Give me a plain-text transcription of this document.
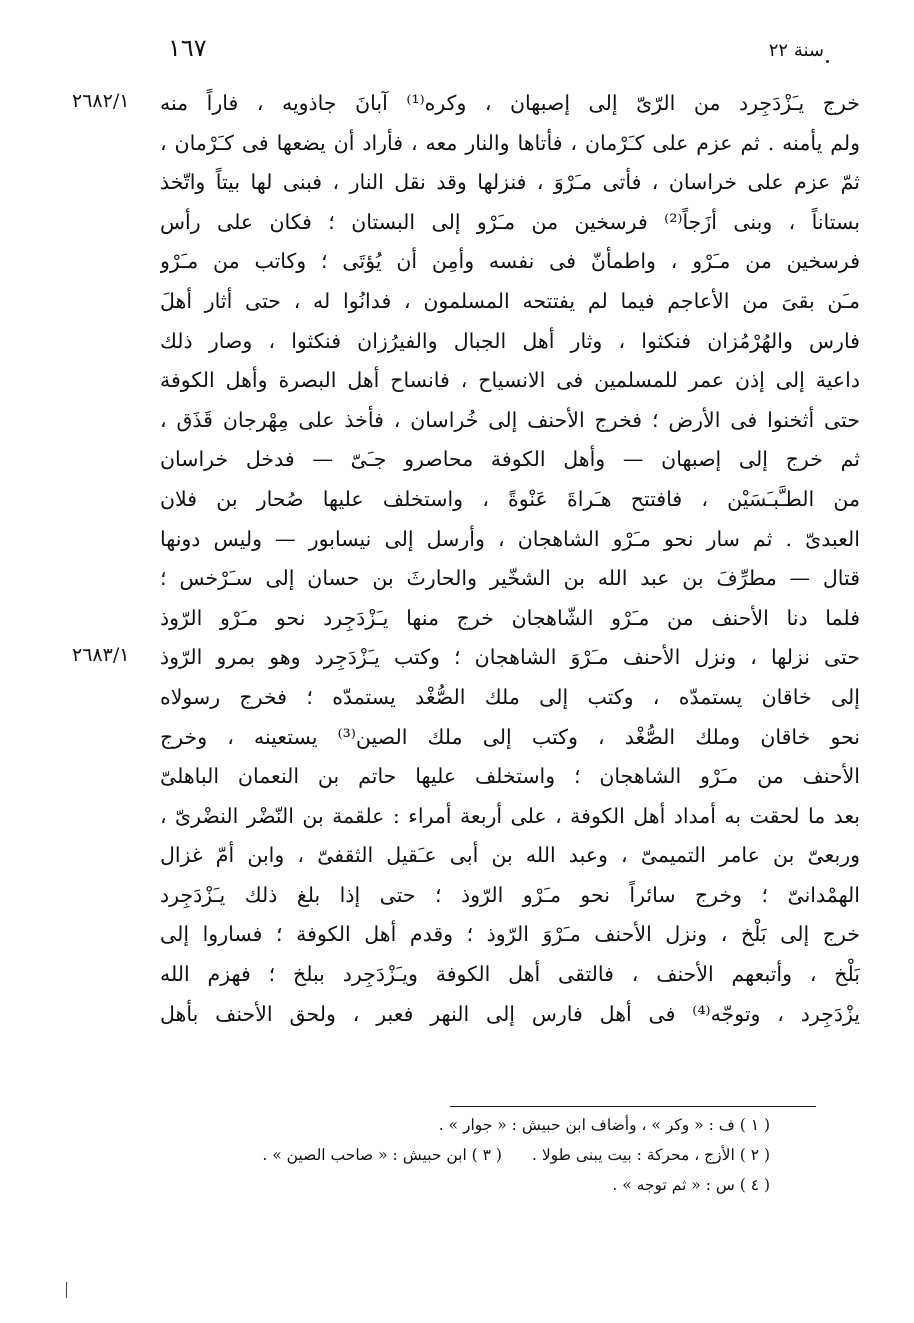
١٦٧	سنة ٢٢
٢٦٨٢/١
٢٦٨٣/١
خرج يـَزْدَجِرد من الرّىّ إلى إصبهان ، وكره⁽¹⁾ آبانَ جاذويه ، فاراً منه
ولم يأمنه . ثم عزم على كـَرْمان ، فأتاها والنار معه ، فأراد أن يضعها فى كـَرْمان ،
ثمّ عزم على خراسان ، فأتى مـَرْوَ ، فنزلها وقد نقل النار ، فبنى لها بيتاً واتّخذ
بستاناً ، وبنى أزَجاً⁽²⁾ فرسخين من مـَرْو إلى البستان ؛ فكان على رأس
فرسخين من مـَرْو ، واطمأنّ فى نفسه وأمِن أن يُؤتَى ؛ وكاتب من مـَرْو
مـَن بقىَ من الأعاجم فيما لم يفتتحه المسلمون ، فدانُوا له ، حتى أثار أهلَ
فارس والهُرْمُزان فنكثوا ، وثار أهل الجبال والفيرُزان فنكثوا ، وصار ذلك
داعية إلى إذن عمر للمسلمين فى الانسياح ، فانساح أهل البصرة وأهل الكوفة
حتى أثخنوا فى الأرض ؛ فخرج الأحنف إلى خُراسان ، فأخذ على مِهْرجان قَذَق ،
ثم خرج إلى إصبهان — وأهل الكوفة محاصرو جـَىّ — فدخل خراسان
من الطـَّبـَسَيْن ، فافتتح هـَراةَ عَنْوةً ، واستخلف عليها صُحار بن فلان
العبدىّ . ثم سار نحو مـَرْو الشاهجان ، وأرسل إلى نيسابور — وليس دونها
قتال — مطرِّفَ بن عبد الله بن الشخّير والحارثَ بن حسان إلى سـَرْخس ؛
فلما دنا الأحنف من مـَرْو الشّاهجان خرج منها يـَزْدَجِرد نحو مـَرْو الرّوذ
حتى نزلها ، ونزل الأحنف مـَرْوَ الشاهجان ؛ وكتب يـَزْدَجِرد وهو بمرو الرّوذ
إلى خاقان يستمدّه ، وكتب إلى ملك الصُّغْد يستمدّه ؛ فخرج رسولاه
نحو خاقان وملك الصُّغْد ، وكتب إلى ملك الصين⁽³⁾ يستعينه ، وخرج
الأحنف من مـَرْو الشاهجان ؛ واستخلف عليها حاتم بن النعمان الباهلىّ
بعد ما لحقت به أمداد أهل الكوفة ، على أربعة أمراء : علقمة بن النّضْر النضْرىّ ،
وربعىّ بن عامر التميمىّ ، وعبد الله بن أبى عـَقيل الثقفىّ ، وابن أمّ غزال
الهمْدانىّ ؛ وخرج سائراً نحو مـَرْو الرّوذ ؛ حتى إذا بلغ ذلك يـَزْدَجِرد
خرج إلى بَلْخ ، ونزل الأحنف مـَرْوَ الرّوذ ؛ وقدم أهل الكوفة ؛ فساروا إلى
بَلْخ ، وأتبعهم الأحنف ، فالتقى أهل الكوفة ويـَزْدَجِرد ببلخ ؛ فهزم الله
يزْدَجِرد ، وتوجّه⁽⁴⁾ فى أهل فارس إلى النهر فعبر ، ولحق الأحنف بأهل
( ١ ) ف : « وكر » ، وأضاف ابن حبيش : « جوار » .
( ٢ ) الأزج ، محركة : بيت يبنى طولا .
( ٣ ) ابن حبيش : « صاحب الصين » .
( ٤ ) س : « ثم توجه » .
